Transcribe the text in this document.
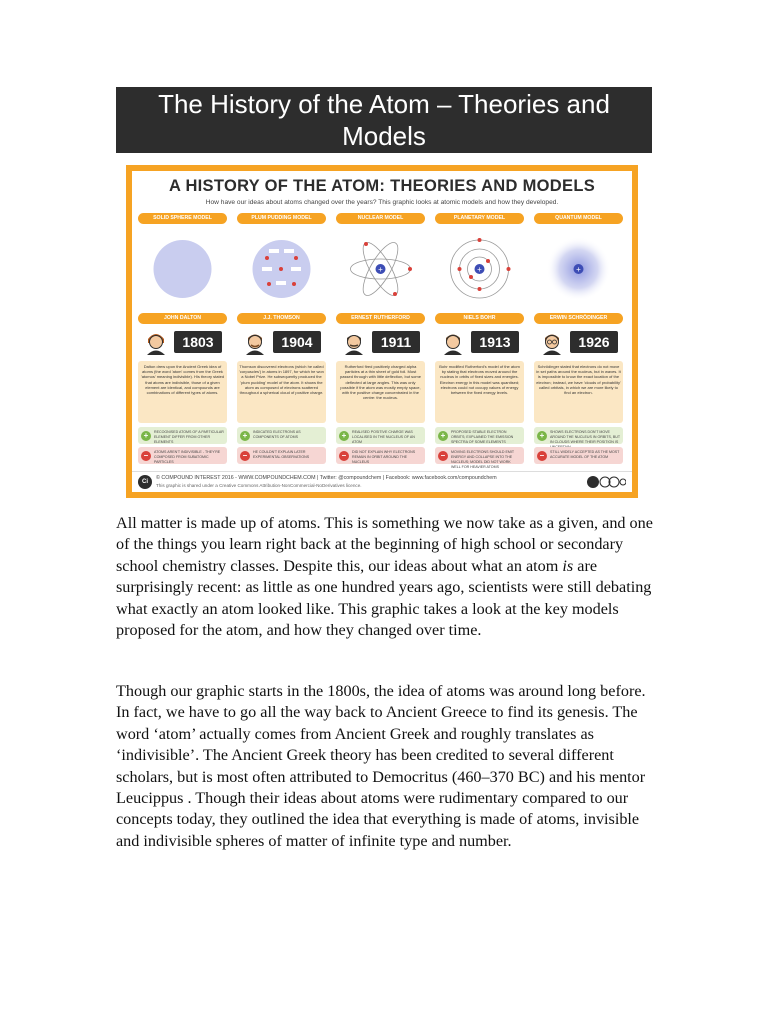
The History of the Atom – Theories and Models
A HISTORY OF THE ATOM: THEORIES AND MODELS
How have our ideas about atoms changed over the years? This graphic looks at atomic models and how they developed.
SOLID SPHERE MODEL
JOHN DALTON
1803
Dalton drew upon the Ancient Greek idea of atoms (the word 'atom' comes from the Greek 'atomos' meaning indivisible). His theory stated that atoms are indivisible, those of a given element are identical, and compounds are combinations of different types of atoms.
+	RECOGNISED ATOMS OF A PARTICULAR ELEMENT DIFFER FROM OTHER ELEMENTS
–	ATOMS AREN'T INDIVISIBLE - THEY'RE COMPOSED FROM SUBATOMIC PARTICLES
PLUM PUDDING MODEL
J.J. THOMSON
1904
Thomson discovered electrons (which he called 'corpuscles') in atoms in 1897, for which he won a Nobel Prize. He subsequently produced the 'plum pudding' model of the atom. It shows the atom as composed of electrons scattered throughout a spherical cloud of positive charge.
+	INDICATED ELECTRONS AS COMPONENTS OF ATOMS
–	HE COULDN'T EXPLAIN LATER EXPERIMENTAL OBSERVATIONS
NUCLEAR MODEL
+
ERNEST RUTHERFORD
1911
Rutherford fired positively charged alpha particles at a thin sheet of gold foil. Most passed through with little deflection, but some deflected at large angles. This was only possible if the atom was mostly empty space, with the positive charge concentrated in the centre: the nucleus.
+	REALISED POSITIVE CHARGE WAS LOCALISED IN THE NUCLEUS OF AN ATOM
–	DID NOT EXPLAIN WHY ELECTRONS REMAIN IN ORBIT AROUND THE NUCLEUS
PLANETARY MODEL
+
NIELS BOHR
1913
Bohr modified Rutherford's model of the atom by stating that electrons moved around the nucleus in orbits of fixed sizes and energies. Electron energy in this model was quantised; electrons could not occupy values of energy between the fixed energy levels.
+	PROPOSED STABLE ELECTRON ORBITS; EXPLAINED THE EMISSION SPECTRA OF SOME ELEMENTS
–	MOVING ELECTRONS SHOULD EMIT ENERGY AND COLLAPSE INTO THE NUCLEUS; MODEL DID NOT WORK WELL FOR HEAVIER ATOMS
QUANTUM MODEL
+
ERWIN SCHRÖDINGER
1926
Schrödinger stated that electrons do not move in set paths around the nucleus, but in waves. It is impossible to know the exact location of the electron; instead, we have 'clouds of probability' called orbitals, in which we are more likely to find an electron.
+	SHOWS ELECTRONS DON'T MOVE AROUND THE NUCLEUS IN ORBITS, BUT IN CLOUDS WHERE THEIR POSITION IS
–	STILL WIDELY ACCEPTED AS THE MOST ACCURATE MODEL OF THE ATOM
Ci
© COMPOUND INTEREST 2016 - WWW.COMPOUNDCHEM.COM | Twitter: @compoundchem | Facebook: www.facebook.com/compoundchem
This graphic is shared under a Creative Commons Attribution-NonCommercial-NoDerivatives licence.

All matter is made up of atoms. This is something we now take as a given, and one of the things you learn right back at the beginning of high school or secondary school chemistry classes. Despite this, our ideas about what an atom is are surprisingly recent: as little as one hundred years ago, scientists were still debating what exactly an atom looked like. This graphic takes a look at the key models proposed for the atom, and how they changed over time.

Though our graphic starts in the 1800s, the idea of atoms was around long before. In fact, we have to go all the way back to Ancient Greece to find its genesis. The word ‘atom’ actually comes from Ancient Greek and roughly translates as ‘indivisible’. The Ancient Greek theory has been credited to several different scholars, but is most often attributed to Democritus (460–370 BC) and his mentor Leucippus . Though their ideas about atoms were rudimentary compared to our concepts today, they outlined the idea that everything is made of atoms, invisible and indivisible spheres of matter of infinite type and number.
